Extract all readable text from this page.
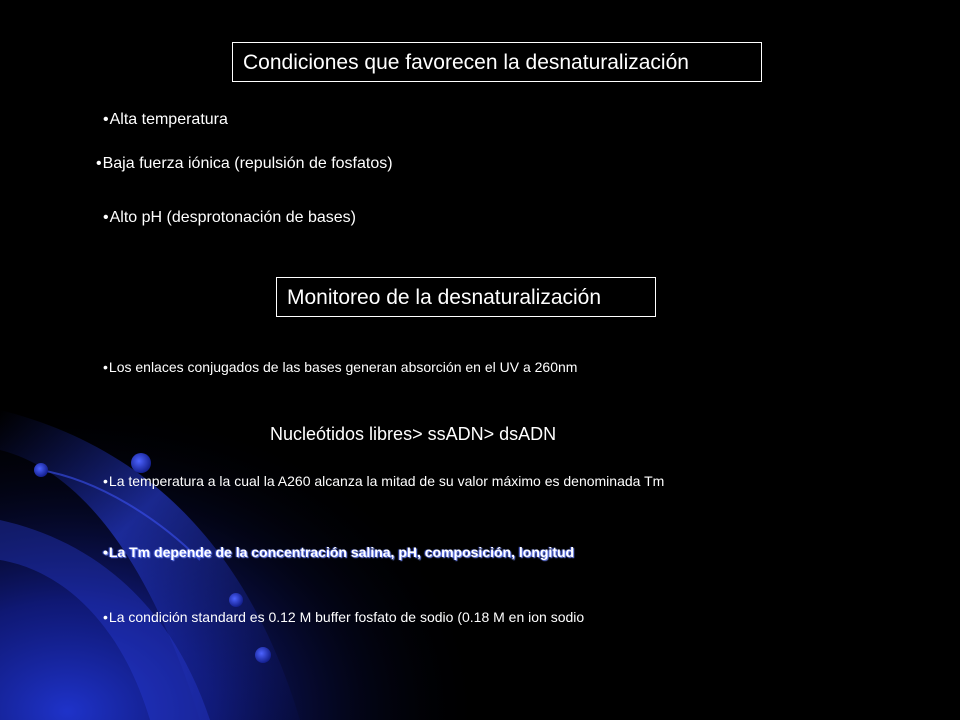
Condiciones que favorecen la desnaturalización
•Alta temperatura
•Baja fuerza iónica (repulsión de fosfatos)
•Alto pH (desprotonación de bases)
Monitoreo de la desnaturalización
•Los enlaces conjugados de las bases generan absorción en el UV a 260nm
Nucleótidos libres> ssADN> dsADN
•La temperatura a la cual la A260 alcanza la mitad de su valor máximo es denominada Tm
•La Tm depende de la concentración salina, pH, composición, longitud
•La condición standard es 0.12 M buffer fosfato de sodio (0.18 M en ion sodio
